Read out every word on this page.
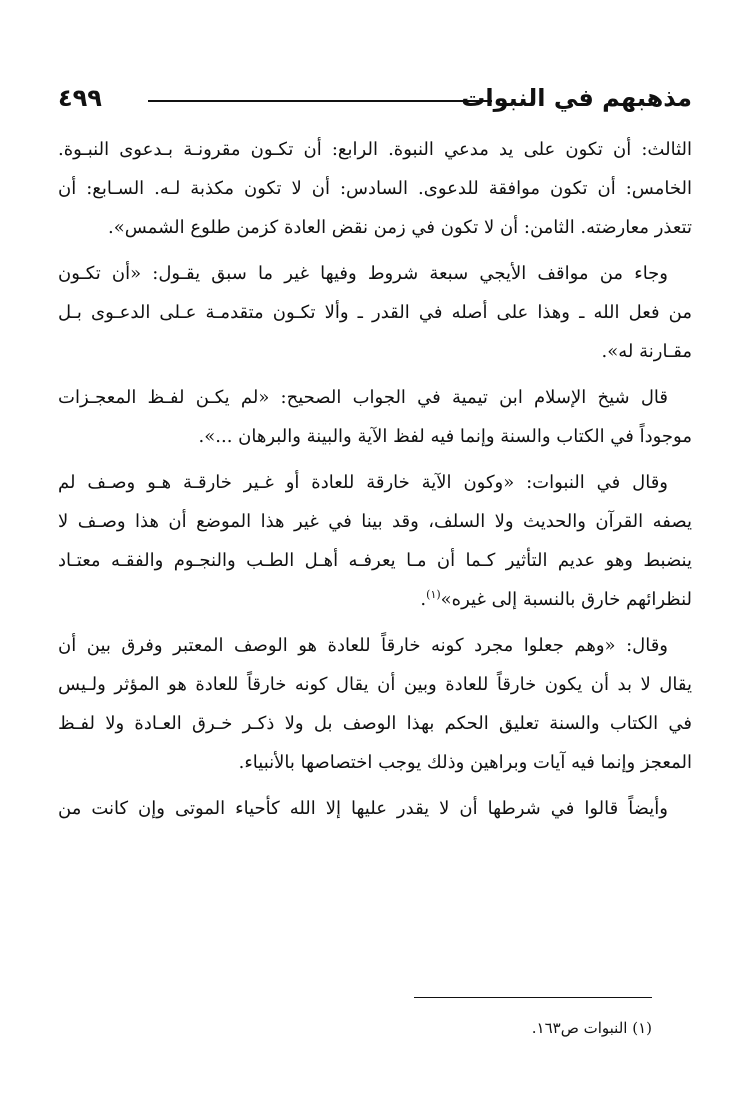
مذهبهم في النبوات
٤٩٩
الثالث: أن تكون على يد مدعي النبوة. الرابع: أن تكـون مقرونـة بـدعوى النبـوة.
الخامس: أن تكون موافقة للدعوى. السادس: أن لا تكون مكذبة لـه. السـابع: أن
تتعذر معارضته. الثامن: أن لا تكون في زمن نقض العادة كزمن طلوع الشمس».
وجاء من مواقف الأيجي سبعة شروط وفيها غير ما سبق يقـول: «أن تكـون
من فعل الله ـ وهذا على أصله في القدر ـ وألا تكـون متقدمـة عـلى الدعـوى بـل
مقـارنة له».
قال شيخ الإسلام ابن تيمية في الجواب الصحيح: «لم يكـن لفـظ المعجـزات
موجوداً في الكتاب والسنة وإنما فيه لفظ الآية والبينة والبرهان ...».
وقال في النبوات: «وكون الآية خارقة للعادة أو غـير خارقـة هـو وصـف لم
يصفه القرآن والحديث ولا السلف، وقد بينا في غير هذا الموضع أن هذا وصـف لا
ينضبط وهو عديم التأثير كـما أن مـا يعرفـه أهـل الطـب والنجـوم والفقـه معتـاد
لنظرائهم خارق بالنسبة إلى غيره»$^{(١)}$.
وقال: «وهم جعلوا مجرد كونه خارقاً للعادة هو الوصف المعتبر وفرق بين أن
يقال لا بد أن يكون خارقاً للعادة وبين أن يقال كونه خارقاً للعادة هو المؤثر ولـيس
في الكتاب والسنة تعليق الحكم بهذا الوصف بل ولا ذكـر خـرق العـادة ولا لفـظ
المعجز وإنما فيه آيات وبراهين وذلك يوجب اختصاصها بالأنبياء.
وأيضاً قالوا في شرطها أن لا يقدر عليها إلا الله كأحياء الموتى وإن كانت من
(١) النبوات ص١٦٣.
